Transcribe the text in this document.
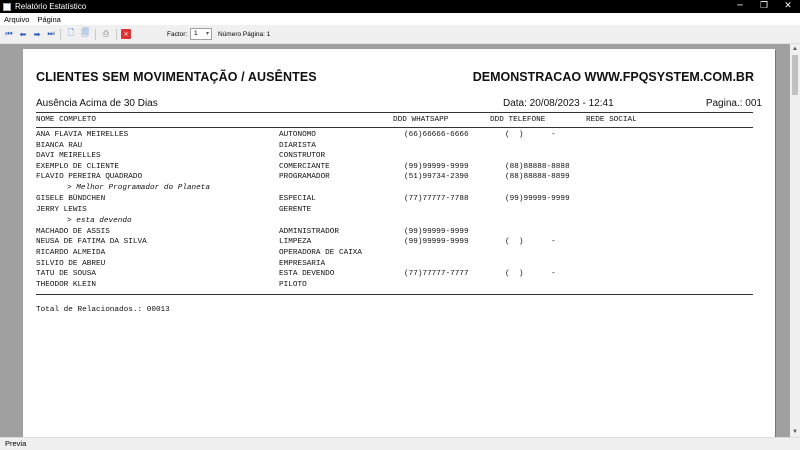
Relatório Estatístico	─	❐	✕
Arquivo	Página
⏮ ⬅ ➡ ⏭ 🗋 🗐 ⎙	✕	Factor:	1 ▾ Número Página: 1
CLIENTES SEM MOVIMENTAÇÃO / AUSÊNTES	DEMONSTRACAO WWW.FPQSYSTEM.COM.BR
Ausência Acima de 30 Dias	Data: 20/08/2023 - 12:41	Pagina.: 001
NOME COMPLETO	DDD WHATSAPP	DDD TELEFONE	REDE SOCIAL
ANA FLAVIA MEIRELLES	AUTONOMO	(66)66666-6666	(  )      -
BIANCA RAU	DIARISTA
DAVI MEIRELLES	CONSTRUTOR
EXEMPLO DE CLIENTE	COMERCIANTE	(99)99999-9999	(88)88888-8888
FLAVIO PEREIRA QUADRADO	PROGRAMADOR	(51)99734-2390	(88)88888-8899
> Melhor Programador do Planeta
GISELE BÜNDCHEN	ESPECIAL	(77)77777-7788	(99)99999-9999
JERRY LEWIS	GERENTE
> esta devendo
MACHADO DE ASSIS	ADMINISTRADOR	(99)99999-9999
NEUSA DE FATIMA DA SILVA	LIMPEZA	(99)99999-9999	(  )      -
RICARDO ALMEIDA	OPERADORA DE CAIXA
SILVIO DE ABREU	EMPRESARIA
TATU DE SOUSA	ESTA DEVENDO	(77)77777-7777	(  )      -
THEODOR KLEIN	PILOTO
Total de Relacionados.: 00013
▲
▼
Previa
